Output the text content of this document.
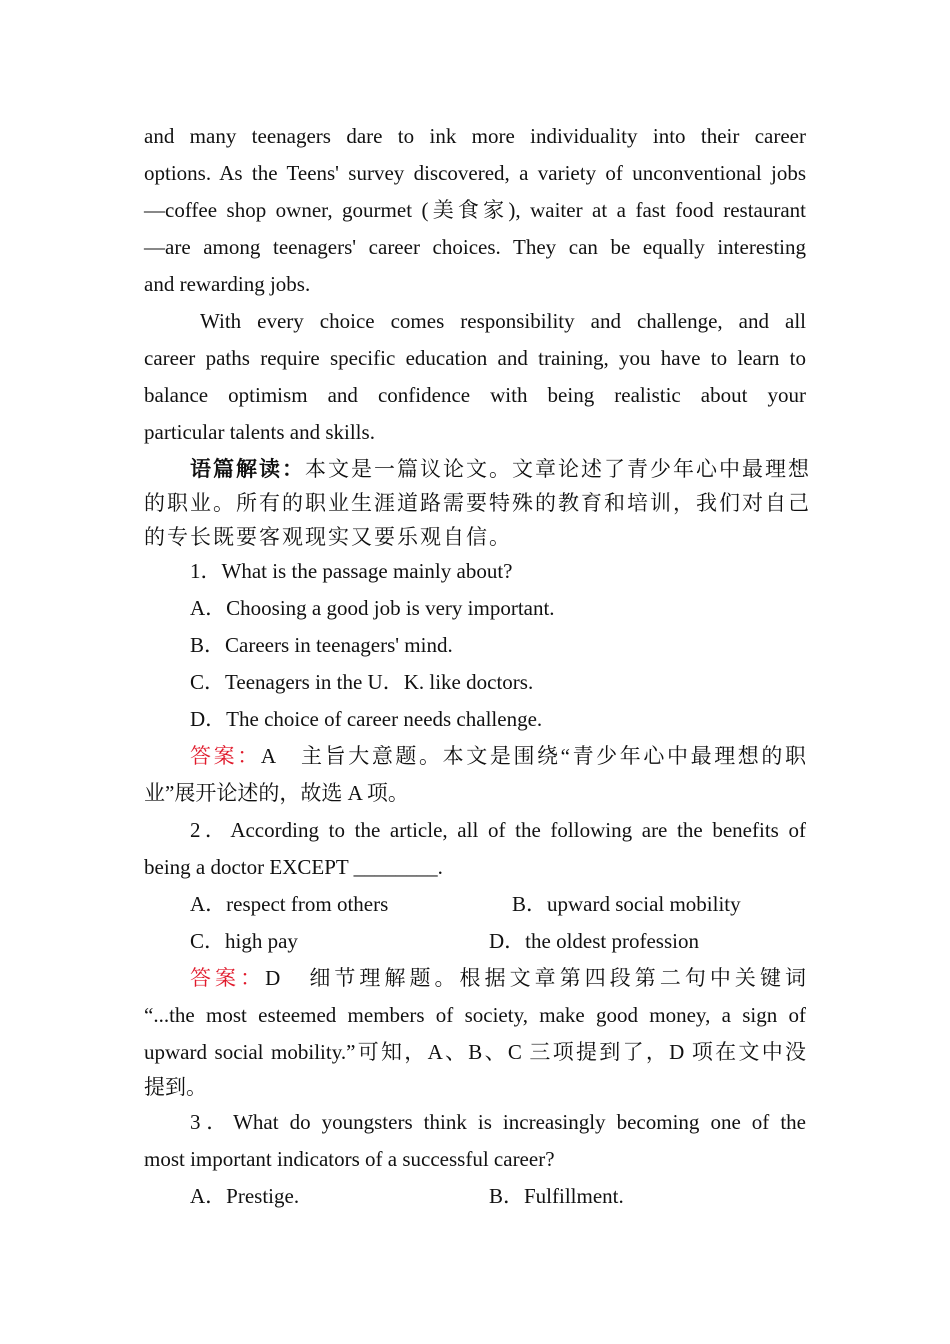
and many teenagers dare to ink more individuality into their career
options. As the Teens' survey discovered, a variety of unconventional jobs
—coffee shop owner, gourmet (美食家), waiter at a fast food restaurant
—are among teenagers' career choices. They can be equally interesting
and rewarding jobs.
With every choice comes responsibility and challenge, and all
career paths require specific education and training, you have to learn to
balance optimism and confidence with being realistic about your
particular talents and skills.
语篇解读：本文是一篇议论文。文章论述了青少年心中最理想
的职业。所有的职业生涯道路需要特殊的教育和培训，我们对自己
的专长既要客观现实又要乐观自信。
1．What is the passage mainly about?
A．Choosing a good job is very important.
B．Careers in teenagers' mind.
C．Teenagers in the U．K. like doctors.
D．The choice of career needs challenge.
答案：A　主旨大意题。本文是围绕“青少年心中最理想的职
业”展开论述的，故选 A 项。
2．According to the article, all of the following are the benefits of
being a doctor EXCEPT ________.
A．respect from others	B．upward social mobility
C．high pay	D．the oldest profession
答案：D　细节理解题。根据文章第四段第二句中关键词
“...the most esteemed members of society, make good money, a sign of
upward social mobility.”可知，A、B、C 三项提到了，D 项在文中没
提到。
3．What do youngsters think is increasingly becoming one of the
most important indicators of a successful career?
A．Prestige.	B．Fulfillment.
